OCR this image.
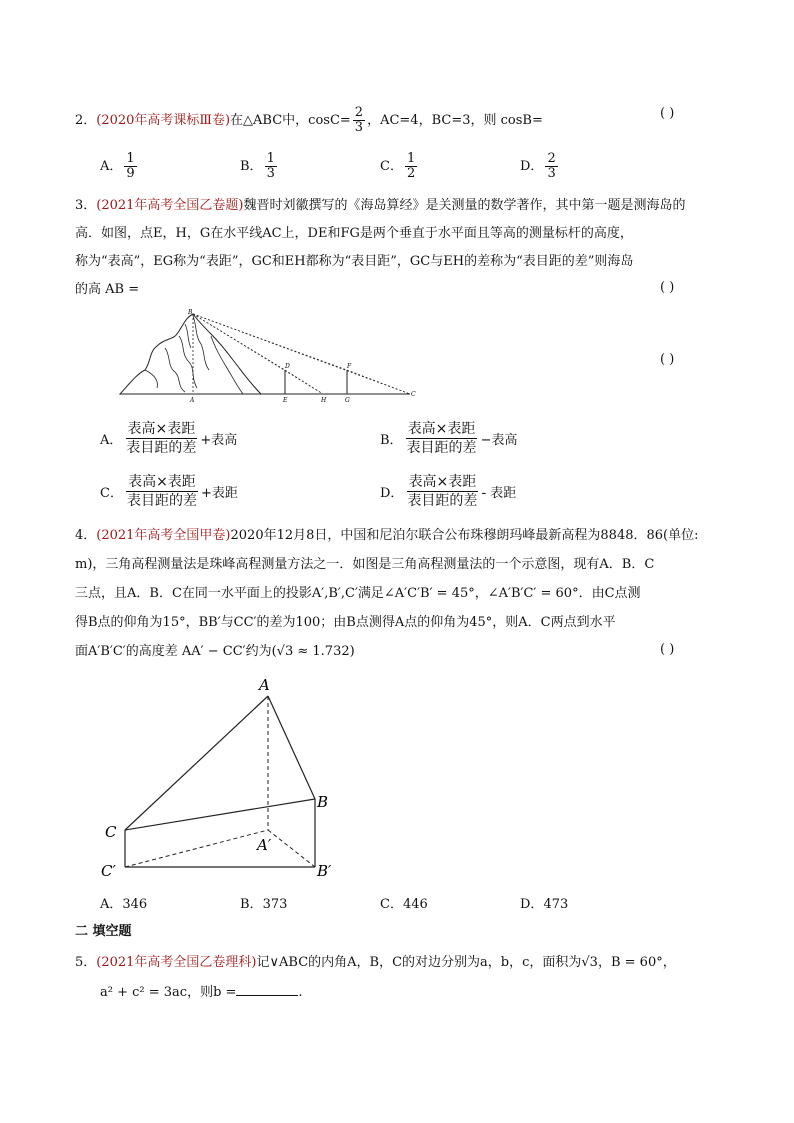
2．(2020年高考课标Ⅲ卷)在△ABC中，$\cos C= \frac{2}{3}$ ，AC=4，BC=3，则 cosB=	( )
A． $\frac{1}{9}$	B． $\frac{1}{3}$	C． $\frac{1}{2}$	D． $\frac{2}{3}$
3．(2021年高考全国乙卷题)魏晋时刘徽撰写的《海岛算经》是关测量的数学著作，其中第一题是测海岛的
高．如图，点E，H，G在水平线AC上，DE和FG是两个垂直于水平面且等高的测量标杆的高度，
称为“表高”，EG称为“表距”，GC和EH都称为“表目距”，GC与EH的差称为“表目距的差”则海岛
的高 AB =	( )
( )
B
D	F
A	E	H	G
C
A． $\frac{\text{表高×表距}}{\text{表目距的差}}$ +表高	B． $\frac{\text{表高×表距}}{\text{表目距的差}}$ −表高
C． $\frac{\text{表高×表距}}{\text{表目距的差}}$ +表距	D． $\frac{\text{表高×表距}}{\text{表目距的差}}$ - 表距
4．(2021年高考全国甲卷)2020年12月8日，中国和尼泊尔联合公布珠穆朗玛峰最新高程为8848．86(单位:
m)，三角高程测量法是珠峰高程测量方法之一．如图是三角高程测量法的一个示意图，现有A．B．C
三点，且A．B．C在同一水平面上的投影A′,B′,C′满足∠A′C′B′ = 45°，∠A′B′C′ = 60°．由C点测
得B点的仰角为15°，BB′与CC′的差为100；由B点测得A点的仰角为45°，则A．C两点到水平
面A′B′C′的高度差 AA′ − CC′约为(√3 ≈ 1.732)	( )
A
B
C
A′
B′
C′
A．346	B．373	C．446	D．473
二 填空题
5．(2021年高考全国乙卷理科)记∨ABC的内角A，B，C的对边分别为a，b，c，面积为√3，B = 60°，
a² + c² = 3ac，则b =	.
